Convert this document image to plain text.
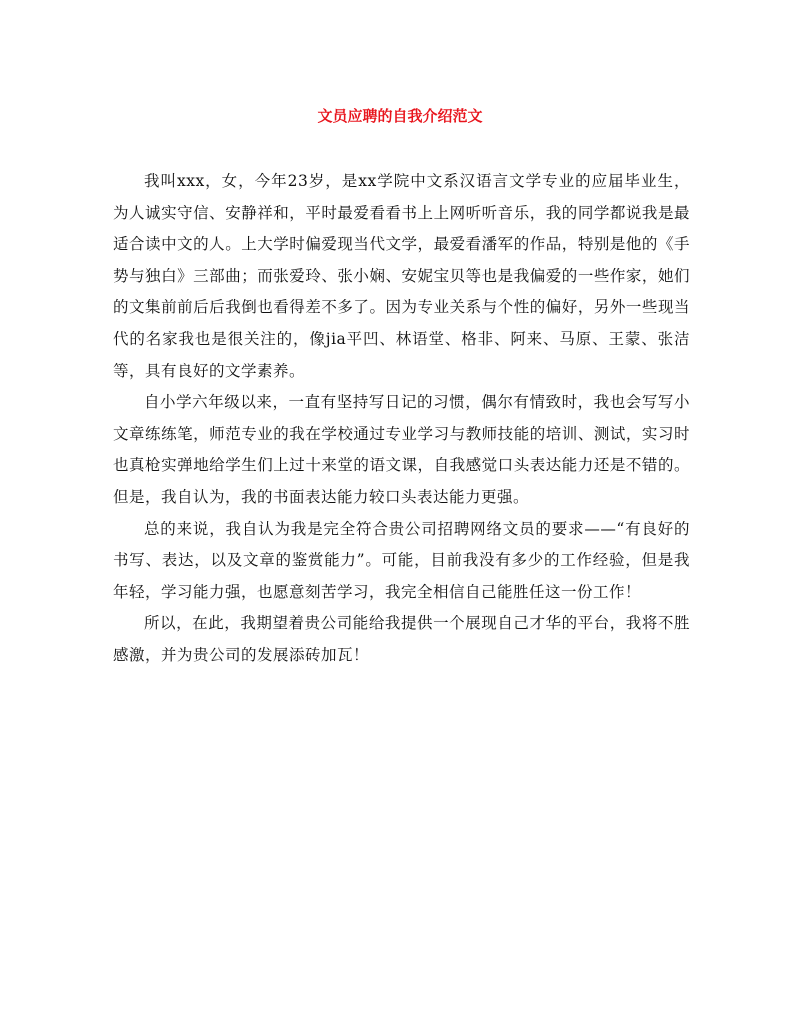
文员应聘的自我介绍范文

我叫xxx，女，今年23岁，是xx学院中文系汉语言文学专业的应届毕业生，为人诚实守信、安静祥和，平时最爱看看书上上网听听音乐，我的同学都说我是最适合读中文的人。上大学时偏爱现当代文学，最爱看潘军的作品，特别是他的《手势与独白》三部曲；而张爱玲、张小娴、安妮宝贝等也是我偏爱的一些作家，她们的文集前前后后我倒也看得差不多了。因为专业关系与个性的偏好，另外一些现当代的名家我也是很关注的，像jia平凹、林语堂、格非、阿来、马原、王蒙、张洁等，具有良好的文学素养。

自小学六年级以来，一直有坚持写日记的习惯，偶尔有情致时，我也会写写小文章练练笔，师范专业的我在学校通过专业学习与教师技能的培训、测试，实习时也真枪实弹地给学生们上过十来堂的语文课，自我感觉口头表达能力还是不错的。但是，我自认为，我的书面表达能力较口头表达能力更强。

总的来说，我自认为我是完全符合贵公司招聘网络文员的要求——“有良好的书写、表达，以及文章的鉴赏能力”。可能，目前我没有多少的工作经验，但是我年轻，学习能力强，也愿意刻苦学习，我完全相信自己能胜任这一份工作！

所以，在此，我期望着贵公司能给我提供一个展现自己才华的平台，我将不胜感激，并为贵公司的发展添砖加瓦！
